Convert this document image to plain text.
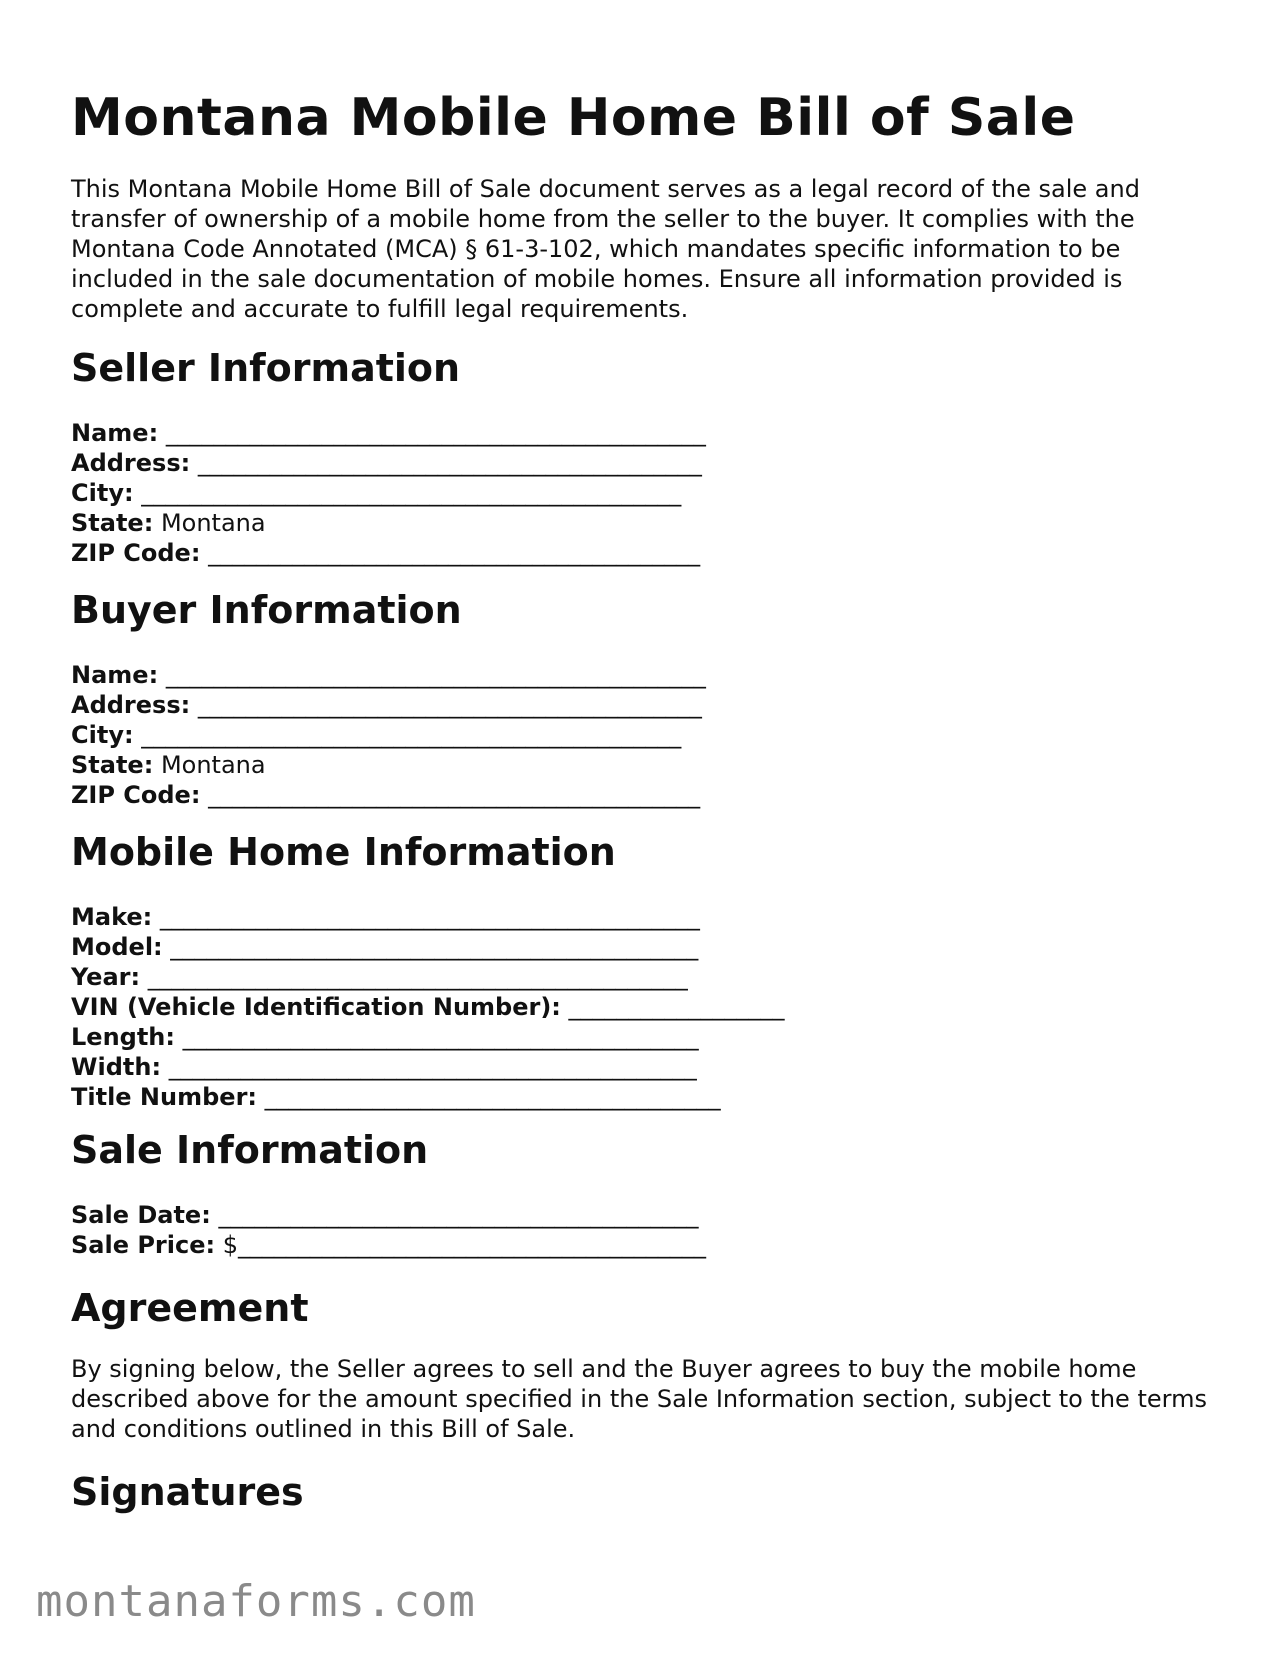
Montana Mobile Home Bill of Sale

This Montana Mobile Home Bill of Sale document serves as a legal record of the sale and transfer of ownership of a mobile home from the seller to the buyer. It complies with the Montana Code Annotated (MCA) § 61-3-102, which mandates specific information to be included in the sale documentation of mobile homes. Ensure all information provided is complete and accurate to fulfill legal requirements.

Seller Information
Name: _____________________________________________
Address: __________________________________________
City: _____________________________________________
State: Montana
ZIP Code: _________________________________________
Buyer Information
Name: _____________________________________________
Address: __________________________________________
City: _____________________________________________
State: Montana
ZIP Code: _________________________________________
Mobile Home Information
Make: _____________________________________________
Model: ____________________________________________
Year: _____________________________________________
VIN (Vehicle Identification Number): __________________
Length: ___________________________________________
Width: ____________________________________________
Title Number: ______________________________________
Sale Information
Sale Date: ________________________________________
Sale Price: $_______________________________________
Agreement

By signing below, the Seller agrees to sell and the Buyer agrees to buy the mobile home described above for the amount specified in the Sale Information section, subject to the terms and conditions outlined in this Bill of Sale.

Signatures
montanaforms.com
